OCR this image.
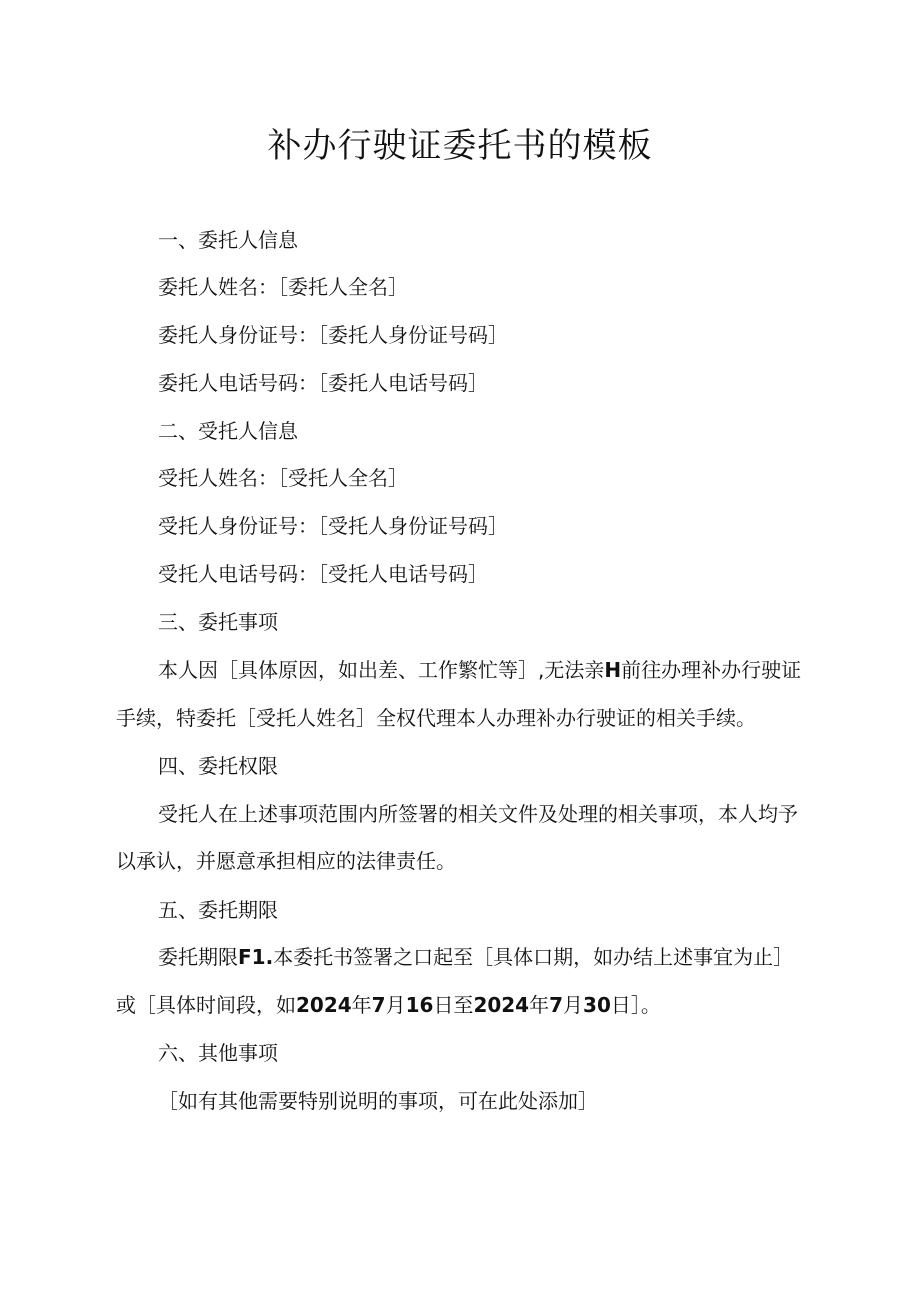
补办行驶证委托书的模板

一、委托人信息

委托人姓名：［委托人全名］

委托人身份证号：［委托人身份证号码］

委托人电话号码：［委托人电话号码］

二、受托人信息

受托人姓名：［受托人全名］

受托人身份证号：［受托人身份证号码］

受托人电话号码：［受托人电话号码］

三、委托事项

本人因［具体原因，如出差、工作繁忙等］,无法亲H前往办理补办行驶证

手续，特委托［受托人姓名］全权代理本人办理补办行驶证的相关手续。

四、委托权限

受托人在上述事项范围内所签署的相关文件及处理的相关事项，本人均予

以承认，并愿意承担相应的法律责任。

五、委托期限

委托期限F1.本委托书签署之口起至［具体口期，如办结上述事宜为止］

或［具体时间段，如2024年7月16日至2024年7月30日］。

六、其他事项

［如有其他需要特别说明的事项，可在此处添加］
